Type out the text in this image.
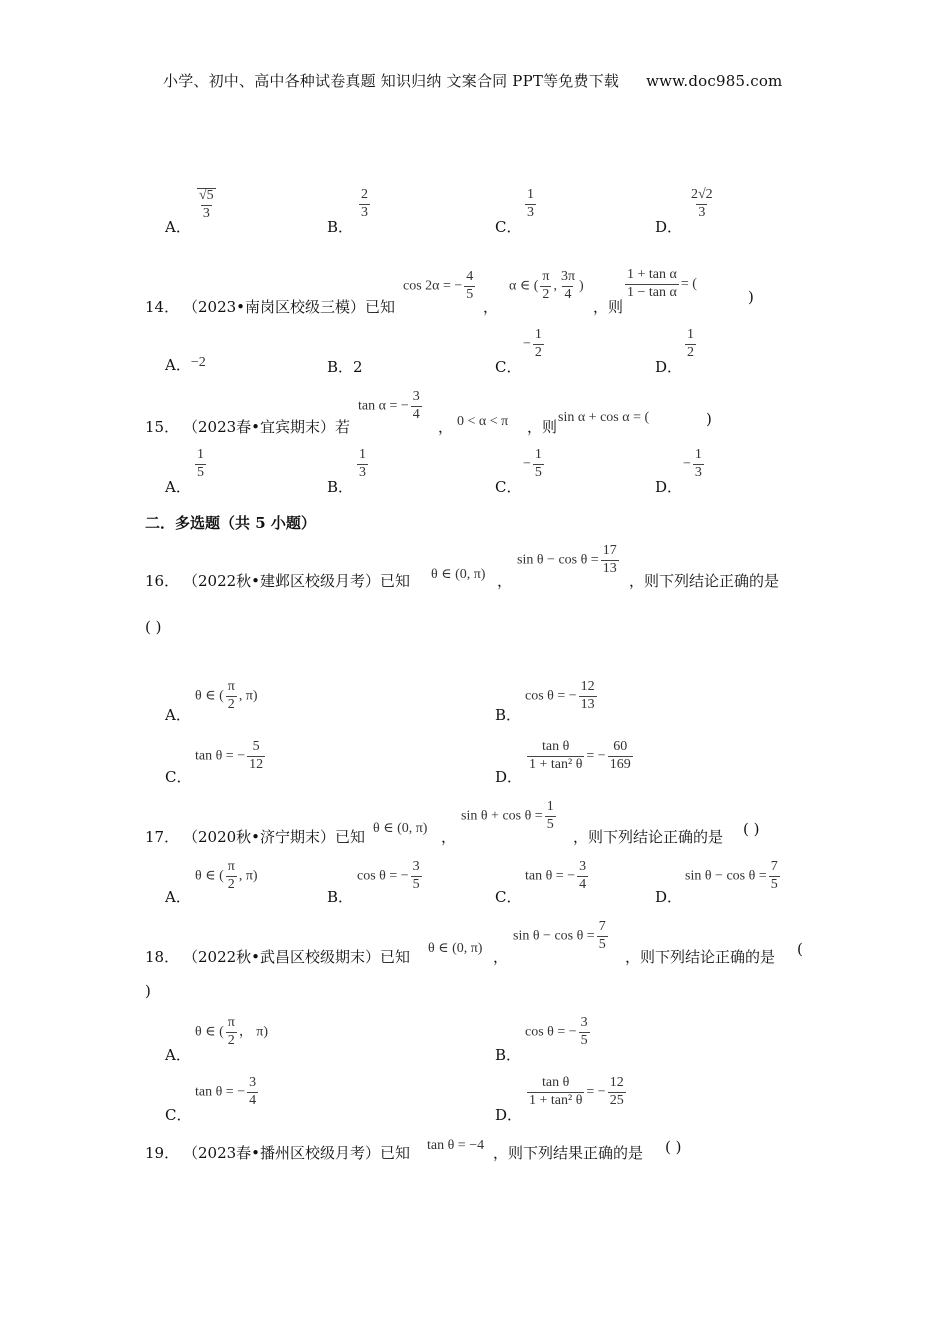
小学、初中、高中各种试卷真题 知识归纳 文案合同 PPT等免费下载 www.doc985.com
A．
$\frac{√5}{3}$
B．
$\frac{2}{3}$
C．
$\frac{1}{3}$
D．
$\frac{2√2}{3}$
14． （2023•南岗区校级三模）已知
cos 2α = − $\frac{4}{5}$
，
α ∈ ( $\frac{\pi}{2}$ , $\frac{3\pi}{4}$ )
，则
$\frac{\text{1 + tan α}}{\text{1 − tan α}}$ = (
)
A．−2	B．2	C．
− $\frac{1}{2}$
D．
$\frac{1}{2}$
15． （2023春•宜宾期末）若
tan α = − $\frac{3}{4}$
， 0 < α < π ，则
sin α + cos α = (	)
A．
$\frac{1}{5}$
B．
$\frac{1}{3}$
C．
− $\frac{1}{5}$
D．
− $\frac{1}{3}$
二．多选题（共 5 小题）
16． （2022秋•建邺区校级月考）已知 θ ∈ (0, π) ，
$\sin \theta - \cos \theta = \frac{17}{13}$
，则下列结论正确的是
( )
A．
θ ∈ ( $\frac{\pi}{2}$ , π)
B．
cos θ = − $\frac{12}{13}$
C．
tan θ = − $\frac{5}{12}$
D．
$\frac{\text{tan θ}}{\text{1 + tan² θ}}$ = − $\frac{60}{169}$
17． （2020秋•济宁期末）已知 θ ∈ (0, π) ，
$\sin \theta + \cos \theta = \frac{1}{5}$
，则下列结论正确的是 ( )
A．
θ ∈ ( $\frac{\pi}{2}$ , π)
B．
cos θ = − $\frac{3}{5}$
C．
tan θ = − $\frac{3}{4}$
D．
$\sin \theta - \cos \theta = \frac{7}{5}$
18． （2022秋•武昌区校级期末）已知 θ ∈ (0, π) ，
$\sin \theta - \cos \theta = \frac{7}{5}$
，则下列结论正确的是 (
)
A．
θ ∈ ( $\frac{\pi}{2}$ ， π)
B．
cos θ = − $\frac{3}{5}$
C．
tan θ = − $\frac{3}{4}$
D．
$\frac{\text{tan θ}}{\text{1 + tan² θ}}$ = − $\frac{12}{25}$
19． （2023春•播州区校级月考）已知 tan θ = −4 ，则下列结果正确的是 ( )
